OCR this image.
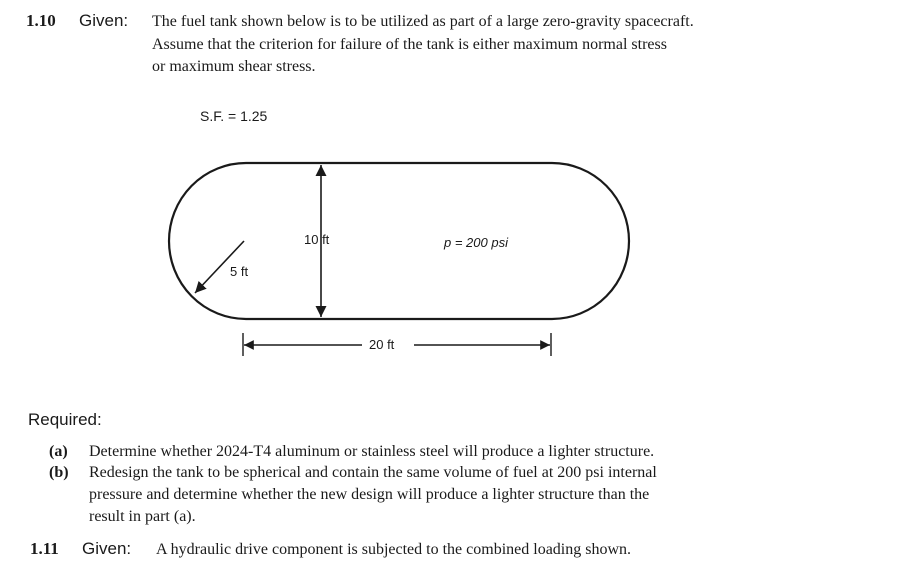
1.10 Given: The fuel tank shown below is to be utilized as part of a large zero-gravity spacecraft.
Assume that the criterion for failure of the tank is either maximum normal stress
or maximum shear stress.
S.F. = 1.25
5 ft
10 ft	p = 200 psi
20 ft
Required:
(a) Determine whether 2024-T4 aluminum or stainless steel will produce a lighter structure.
(b) Redesign the tank to be spherical and contain the same volume of fuel at 200 psi internal
pressure and determine whether the new design will produce a lighter structure than the
result in part (a).
1.11 Given: A hydraulic drive component is subjected to the combined loading shown.
